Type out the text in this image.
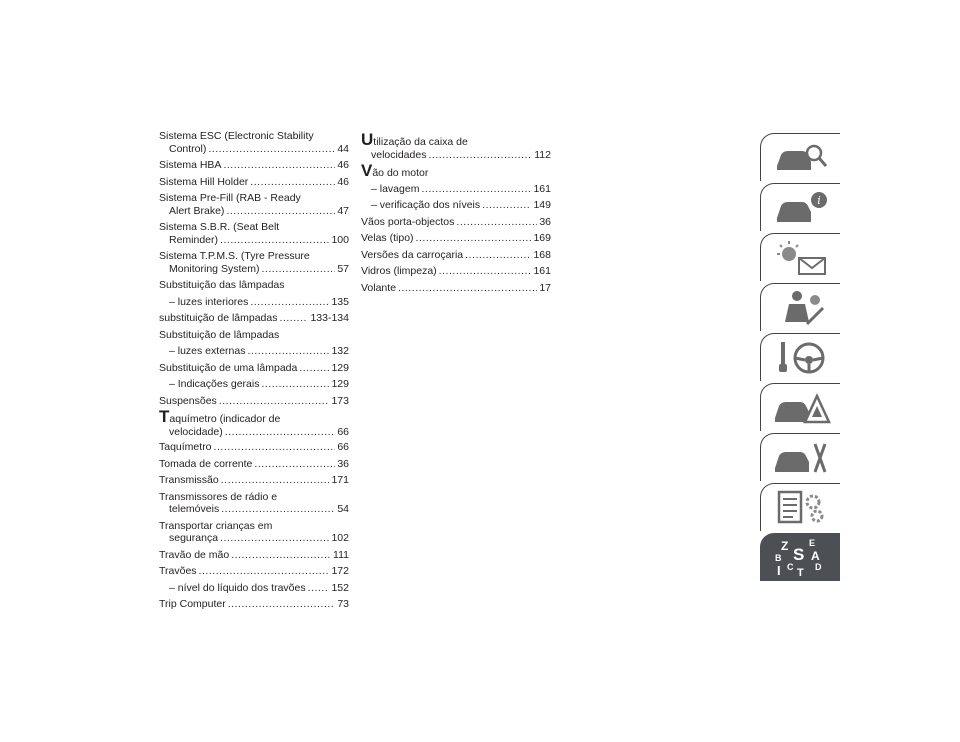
Sistema ESC (Electronic Stability
Control) . . .	44
Sistema HBA . . .	46
Sistema Hill Holder . . .	46
Sistema Pre-Fill (RAB - Ready
Alert Brake) . . .	47
Sistema S.B.R. (Seat Belt
Reminder) . . .	100
Sistema T.P.M.S. (Tyre Pressure
Monitoring System) . . .	57
Substituição das lâmpadas
– luzes interiores . . .	135
substituição de lâmpadas . . .	133-134
Substituição de lâmpadas
– luzes externas . . .	132
Substituição de uma lâmpada . . .	129
– Indicações gerais . . .	129
Suspensões . . .	173
Taquímetro (indicador de
velocidade) . . .	66
Taquímetro . . .	66
Tomada de corrente . . .	36
Transmissão . . .	171
Transmissores de rádio e
telemóveis . . .	54
Transportar crianças em
segurança . . .	102
Travão de mão . . .	111
Travões . . .	172
– nível do líquido dos travões . . . 152
Trip Computer . . .	73
Utilização da caixa de
velocidades . . .	112
V ão do motor
– lavagem . . .	161
– verificação dos níveis . . .	149
Vãos porta-objectos . . .	36
Velas (tipo) . . .	169
Versões da carroçaria . . .	168
Vidros (limpeza) . . .	161
Volante . . .	17
i
Z E
A
B S
C
I T D
